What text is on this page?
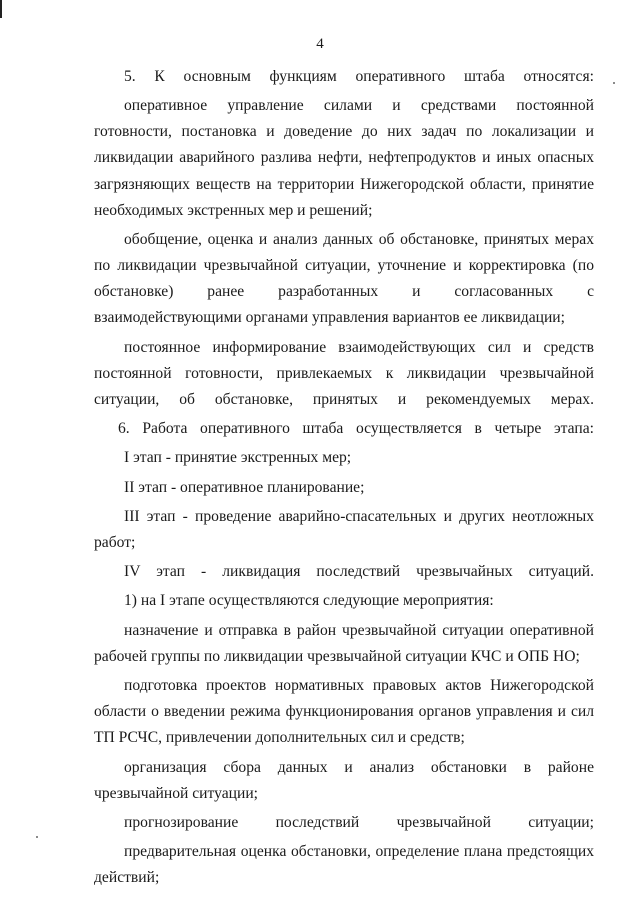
4

5. К основным функциям оперативного штаба относятся:

оперативное управление силами и средствами постоянной готовности, постановка и доведение до них задач по локализации и ликвидации аварийного разлива нефти, нефтепродуктов и иных опасных загрязняющих веществ на территории Нижегородской области, принятие необходимых экстренных мер и решений;

обобщение, оценка и анализ данных об обстановке, принятых мерах по ликвидации чрезвычайной ситуации, уточнение и корректировка (по обстановке) ранее разработанных и согласованных с взаимодействующими органами управления вариантов ее ликвидации;

постоянное информирование взаимодействующих сил и средств постоянной готовности, привлекаемых к ликвидации чрезвычайной ситуации, об обстановке, принятых и рекомендуемых мерах.

6. Работа оперативного штаба осуществляется в четыре этапа:

I этап - принятие экстренных мер;

II этап - оперативное планирование;

III этап - проведение аварийно-спасательных и других неотложных работ;

IV этап - ликвидация последствий чрезвычайных ситуаций.

1) на I этапе осуществляются следующие мероприятия:

назначение и отправка в район чрезвычайной ситуации оперативной рабочей группы по ликвидации чрезвычайной ситуации КЧС и ОПБ НО;

подготовка проектов нормативных правовых актов Нижегородской области о введении режима функционирования органов управления и сил ТП РСЧС, привлечении дополнительных сил и средств;

организация сбора данных и анализ обстановки в районе чрезвычайной ситуации;

прогнозирование последствий чрезвычайной ситуации;

предварительная оценка обстановки, определение плана предстоящих действий;
